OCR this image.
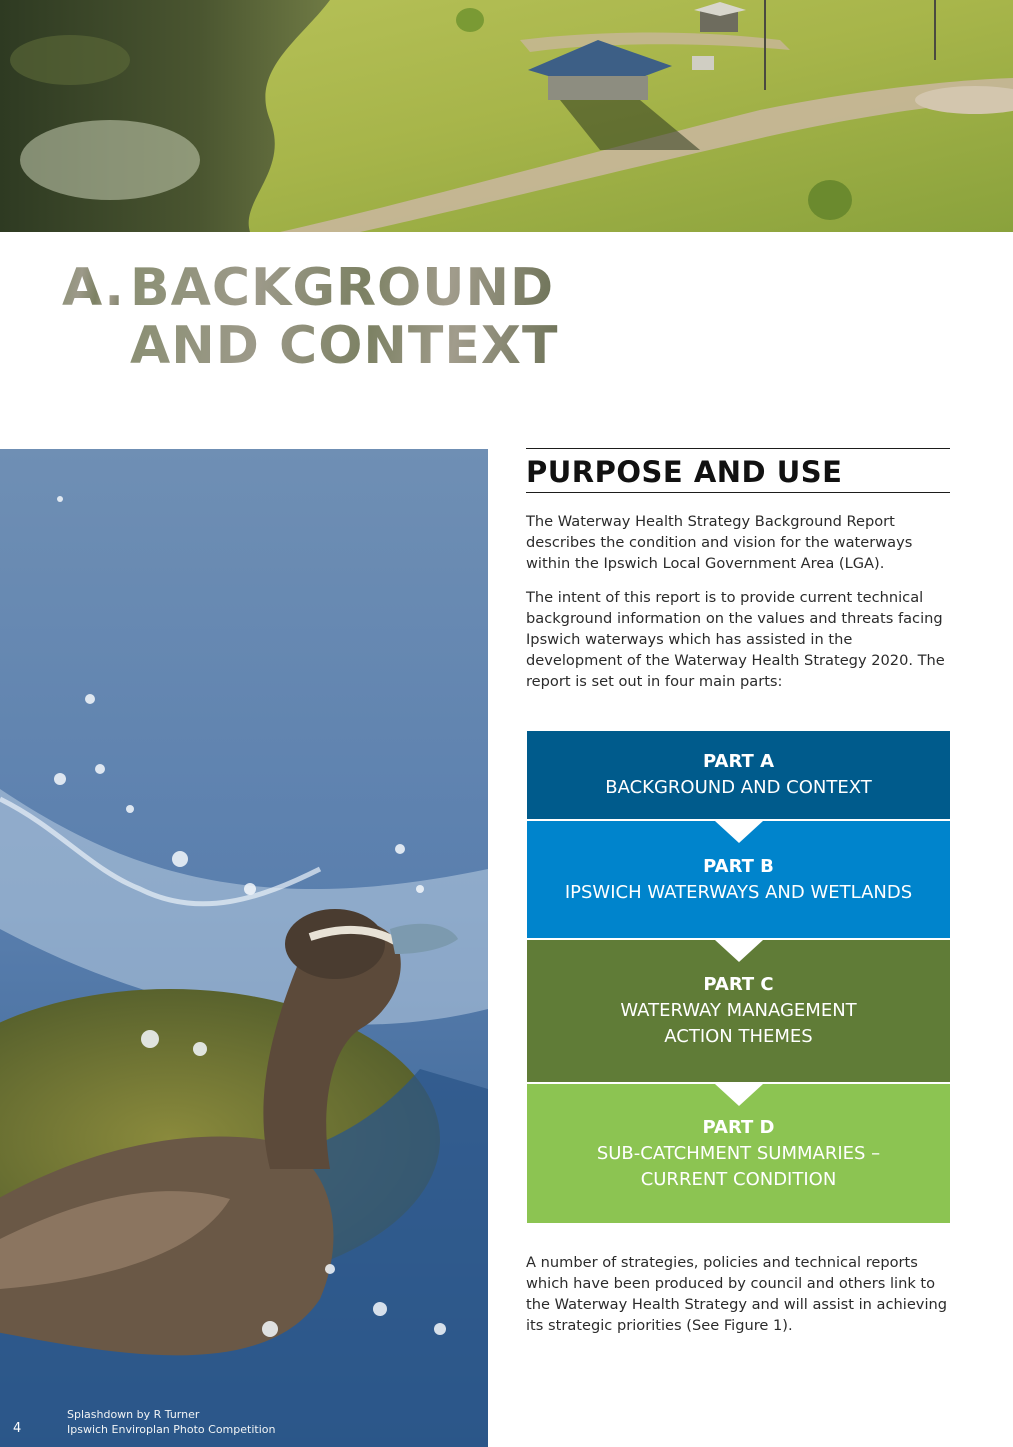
A. BACKGROUND
AND CONTEXT
Splashdown by R Turner
Ipswich Enviroplan Photo Competition
4
PURPOSE AND USE

The Waterway Health Strategy Background Report describes the condition and vision for the waterways within the Ipswich Local Government Area (LGA).

The intent of this report is to provide current technical background information on the values and threats facing Ipswich waterways which has assisted in the development of the Waterway Health Strategy 2020. The report is set out in four main parts:

PART A
BACKGROUND AND CONTEXT
PART B
IPSWICH WATERWAYS AND WETLANDS
PART C
WATERWAY MANAGEMENT
ACTION THEMES
PART D
SUB-CATCHMENT SUMMARIES –
CURRENT CONDITION

A number of strategies, policies and technical reports which have been produced by council and others link to the Waterway Health Strategy and will assist in achieving its strategic priorities (See Figure 1).
